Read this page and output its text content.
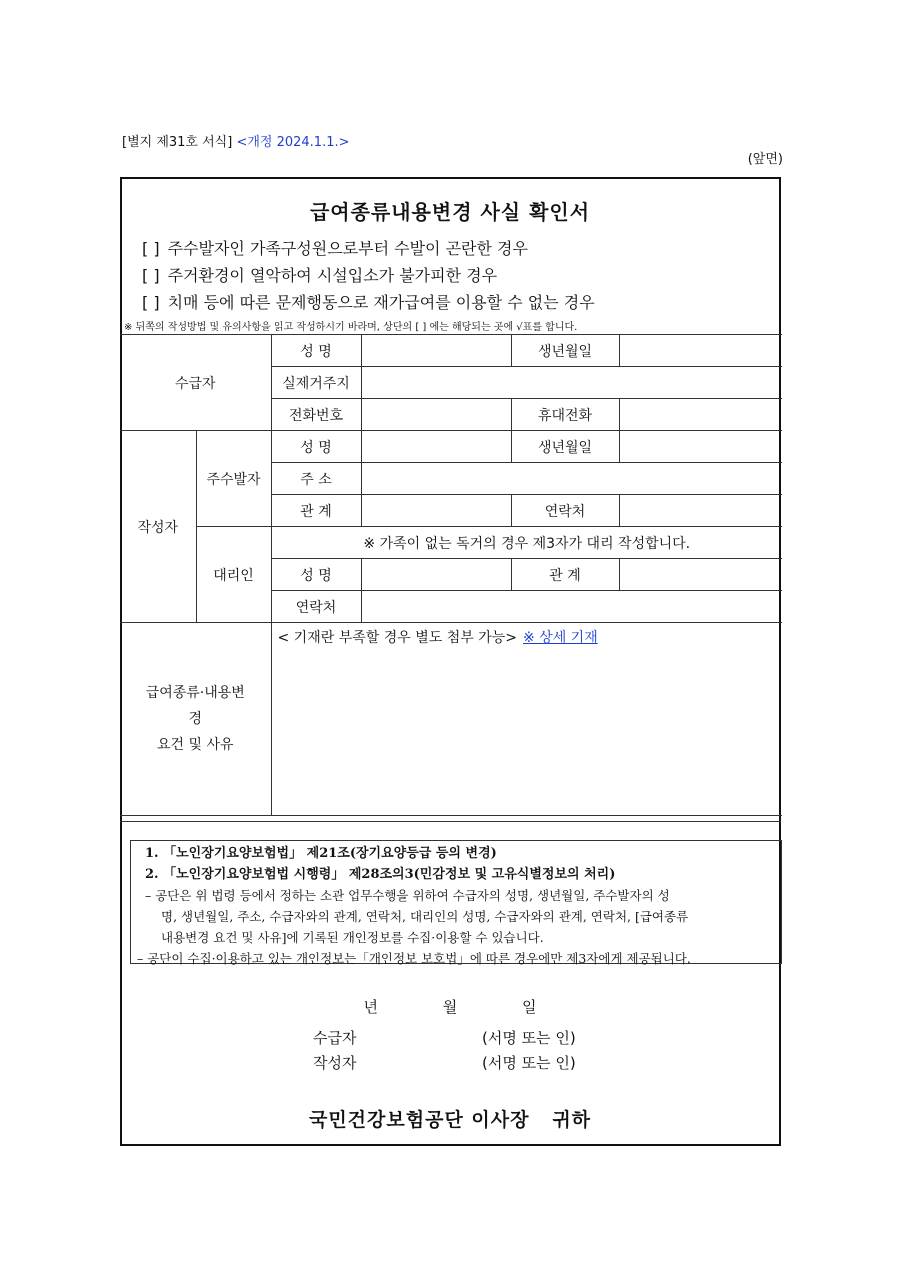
[별지 제31호 서식] <개정 2024.1.1.>
(앞면)
급여종류내용변경 사실 확인서
[ ] 주수발자인 가족구성원으로부터 수발이 곤란한 경우
[ ] 주거환경이 열악하여 시설입소가 불가피한 경우
[ ] 치매 등에 따른 문제행동으로 재가급여를 이용할 수 없는 경우
※ 뒤쪽의 작성방법 및 유의사항을 읽고 작성하시기 바라며, 상단의 [ ] 에는 해당되는 곳에 √표를 합니다.
수급자		성 명		생년월일	
		실제거주지			
		전화번호		휴대전화	
작성자	주수발자	성 명		생년월일	
		주 소			
		관 계		연락처	
	대리인	※ 가족이 없는 독거의 경우 제3자가 대리 작성합니다.			
		성 명		관 계	
		연락처			

급여종류·내용변
경
요건 및 사유		< 기재란 부족할 경우 별도 첨부 가능> ※ 상세 기재			
1. 「노인장기요양보험법」 제21조(장기요양등급 등의 변경)
2. 「노인장기요양보험법 시행령」 제28조의3(민감정보 및 고유식별정보의 처리)
– 공단은 위 법령 등에서 정하는 소관 업무수행을 위하여 수급자의 성명, 생년월일, 주수발자의 성
명, 생년월일, 주소, 수급자와의 관계, 연락처, 대리인의 성명, 수급자와의 관계, 연락처, [급여종류
내용변경 요건 및 사유]에 기록된 개인정보를 수집·이용할 수 있습니다.
– 공단이 수집·이용하고 있는 개인정보는「개인정보 보호법」에 따른 경우에만 제3자에게 제공됩니다.
년	월	일
수급자	(서명 또는 인)
작성자	(서명 또는 인)
국민건강보험공단 이사장   귀하
